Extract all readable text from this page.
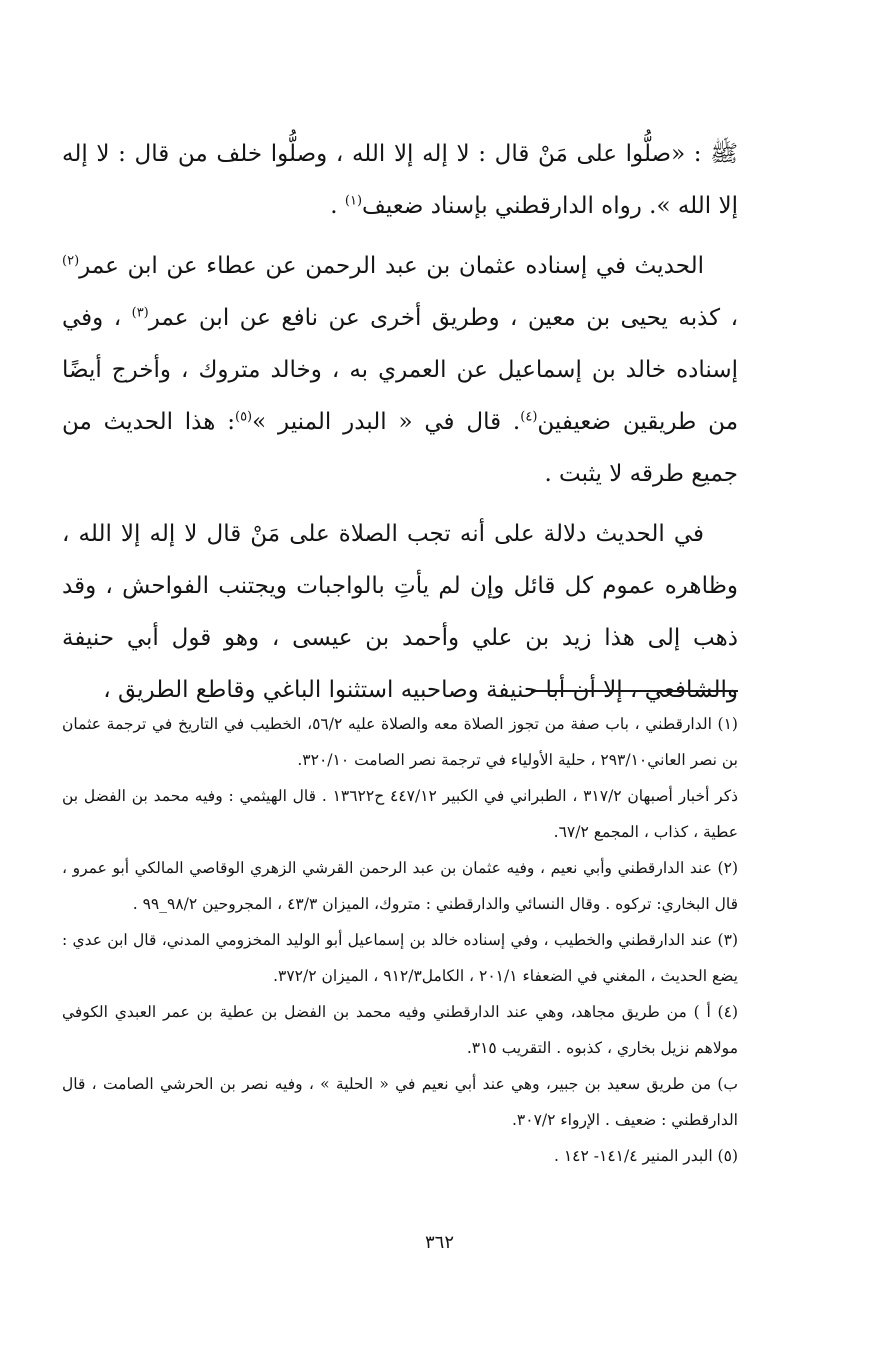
ﷺ : «صلُّوا على مَنْ قال : لا إله إلا الله ، وصلُّوا خلف من قال : لا إله إلا الله ». رواه الدارقطني بإسناد ضعيف$^{(١)}$ .

الحديث في إسناده عثمان بن عبد الرحمن عن عطاء عن ابن عمر$^{(٢)}$ ، كذبه يحيى بن معين ، وطريق أخرى عن نافع عن ابن عمر$^{(٣)}$ ، وفي إسناده خالد بن إسماعيل عن العمري به ، وخالد متروك ، وأخرج أيضًا من طريقين ضعيفين$^{(٤)}$. قال في « البدر المنير »$^{(٥)}$: هذا الحديث من جميع طرقه لا يثبت .

في الحديث دلالة على أنه تجب الصلاة على مَنْ قال لا إله إلا الله ، وظاهره عموم كل قائل وإن لم يأتِ بالواجبات ويجتنب الفواحش ، وقد ذهب إلى هذا زيد بن علي وأحمد بن عيسى ، وهو قول أبي حنيفة والشافعي ، إلا أن أبا حنيفة وصاحبيه استثنوا الباغي وقاطع الطريق ،

(١) الدارقطني ، باب صفة من تجوز الصلاة معه والصلاة عليه ٥٦/٢، الخطيب في التاريخ في ترجمة عثمان بن نصر العاني٢٩٣/١٠ ، حلية الأولياء في ترجمة نصر الصامت ٣٢٠/١٠.

ذكر أخبار أصبهان ٣١٧/٢ ، الطبراني في الكبير ٤٤٧/١٢ ح١٣٦٢٢ . قال الهيثمي : وفيه محمد بن الفضل بن عطية ، كذاب ، المجمع ٦٧/٢.

(٢) عند الدارقطني وأبي نعيم ، وفيه عثمان بن عبد الرحمن القرشي الزهري الوقاصي المالكي أبو عمرو ، قال البخاري: تركوه . وقال النسائي والدارقطني : متروك، الميزان ٤٣/٣ ، المجروحين ٩٨/٢_٩٩ .

(٣) عند الدارقطني والخطيب ، وفي إسناده خالد بن إسماعيل أبو الوليد المخزومي المدني، قال ابن عدي : يضع الحديث ، المغني في الضعفاء ٢٠١/١ ، الكامل٩١٢/٣ ، الميزان ٣٧٢/٢.

(٤) أ ) من طريق مجاهد، وهي عند الدارقطني وفيه محمد بن الفضل بن عطية بن عمر العبدي الكوفي مولاهم نزيل بخاري ، كذبوه . التقريب ٣١٥.

ب) من طريق سعيد بن جبير، وهي عند أبي نعيم في « الحلية » ، وفيه نصر بن الحرشي الصامت ، قال الدارقطني : ضعيف . الإرواء ٣٠٧/٢.

(٥) البدر المنير ١٤١/٤- ١٤٢ .

٣٦٢
